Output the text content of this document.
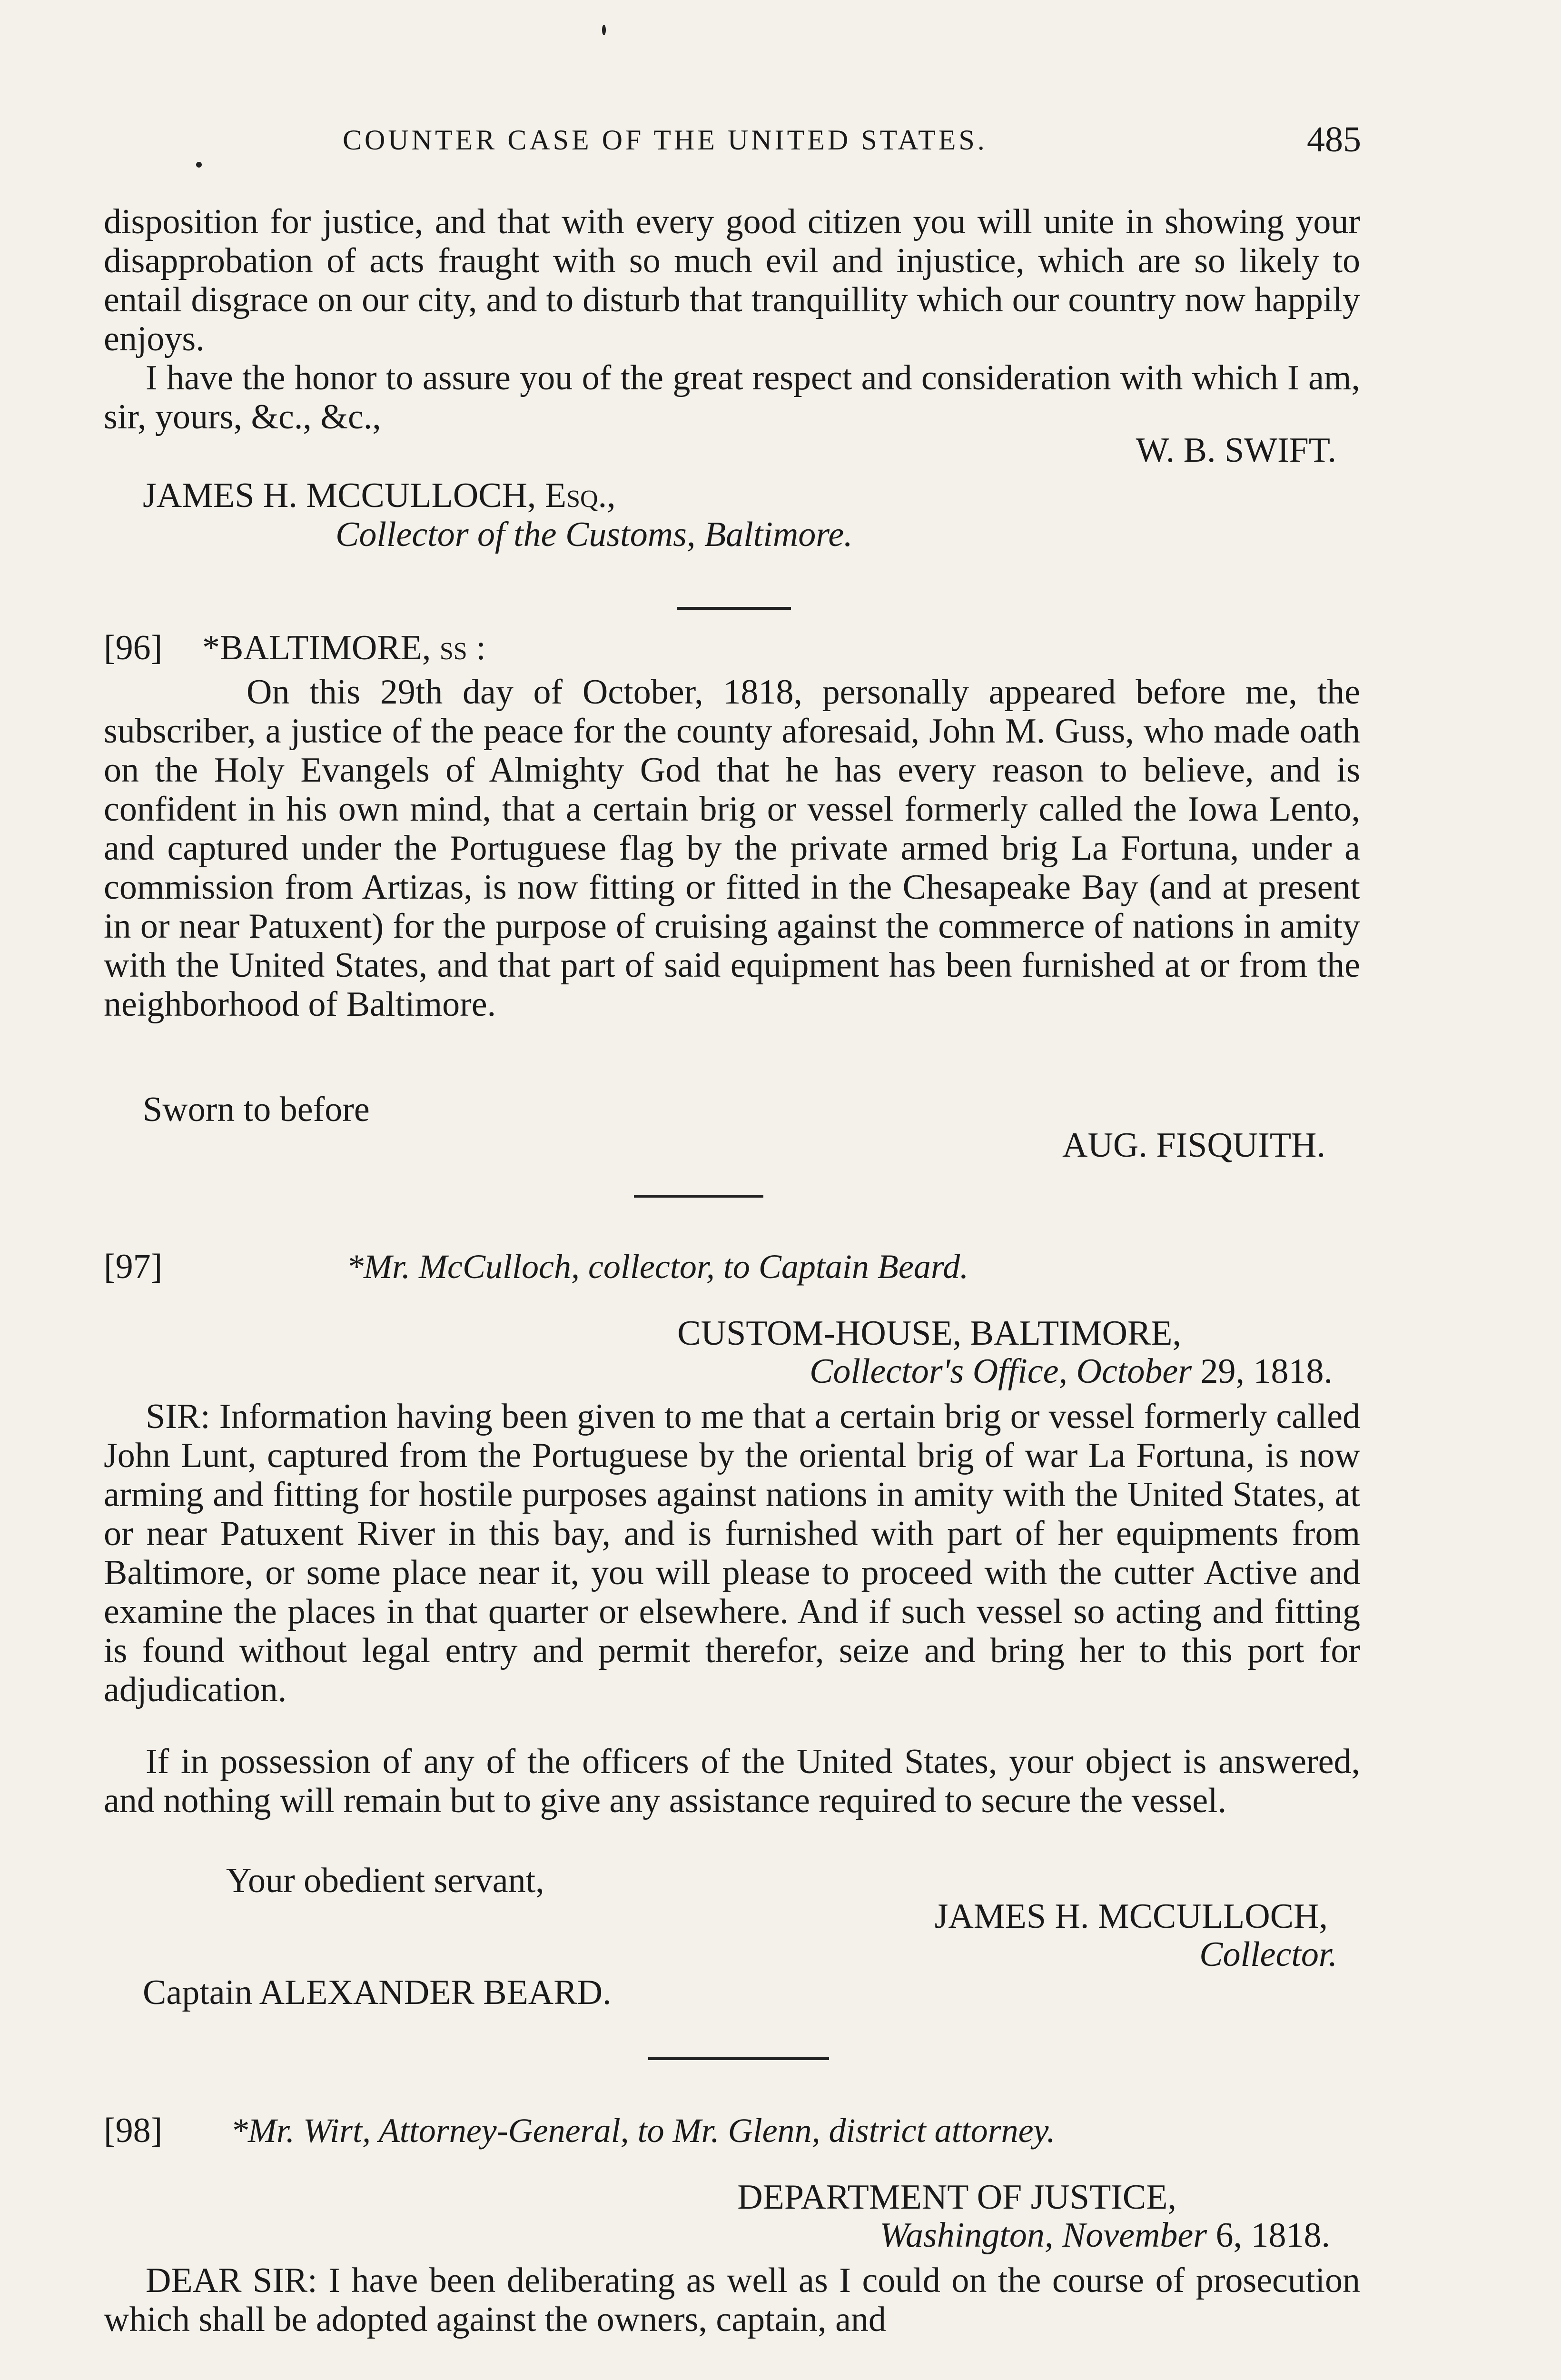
COUNTER CASE OF THE UNITED STATES.	485
disposition for justice, and that with every good citizen you will unite in showing your disapprobation of acts fraught with so much evil and injustice, which are so likely to entail disgrace on our city, and to disturb that tranquillity which our country now happily enjoys.
I have the honor to assure you of the great respect and consideration with which I am, sir, yours, &c., &c.,
W. B. SWIFT.
JAMES H. MCCULLOCH, Esq.,
Collector of the Customs, Baltimore.
[96] *BALTIMORE, ss :
On this 29th day of October, 1818, personally appeared before me, the subscriber, a justice of the peace for the county aforesaid, John M. Guss, who made oath on the Holy Evangels of Almighty God that he has every reason to believe, and is confident in his own mind, that a certain brig or vessel formerly called the Iowa Lento, and captured under the Portuguese flag by the private armed brig La Fortuna, under a commission from Artizas, is now fitting or fitted in the Chesapeake Bay (and at present in or near Patuxent) for the purpose of cruising against the commerce of nations in amity with the United States, and that part of said equipment has been furnished at or from the neighborhood of Baltimore.
Sworn to before
AUG. FISQUITH.
[97]	*Mr. McCulloch, collector, to Captain Beard.
CUSTOM-HOUSE, BALTIMORE,
Collector's Office, October 29, 1818.
SIR: Information having been given to me that a certain brig or vessel formerly called John Lunt, captured from the Portuguese by the oriental brig of war La Fortuna, is now arming and fitting for hostile purposes against nations in amity with the United States, at or near Patuxent River in this bay, and is furnished with part of her equipments from Baltimore, or some place near it, you will please to proceed with the cutter Active and examine the places in that quarter or elsewhere. And if such vessel so acting and fitting is found without legal entry and permit therefor, seize and bring her to this port for adjudication.
If in possession of any of the officers of the United States, your object is answered, and nothing will remain but to give any assistance required to secure the vessel.
Your obedient servant,
JAMES H. MCCULLOCH,
Collector.
Captain ALEXANDER BEARD.
[98] *Mr. Wirt, Attorney-General, to Mr. Glenn, district attorney.
DEPARTMENT OF JUSTICE,
Washington, November 6, 1818.
DEAR SIR: I have been deliberating as well as I could on the course of prosecution which shall be adopted against the owners, captain, and
